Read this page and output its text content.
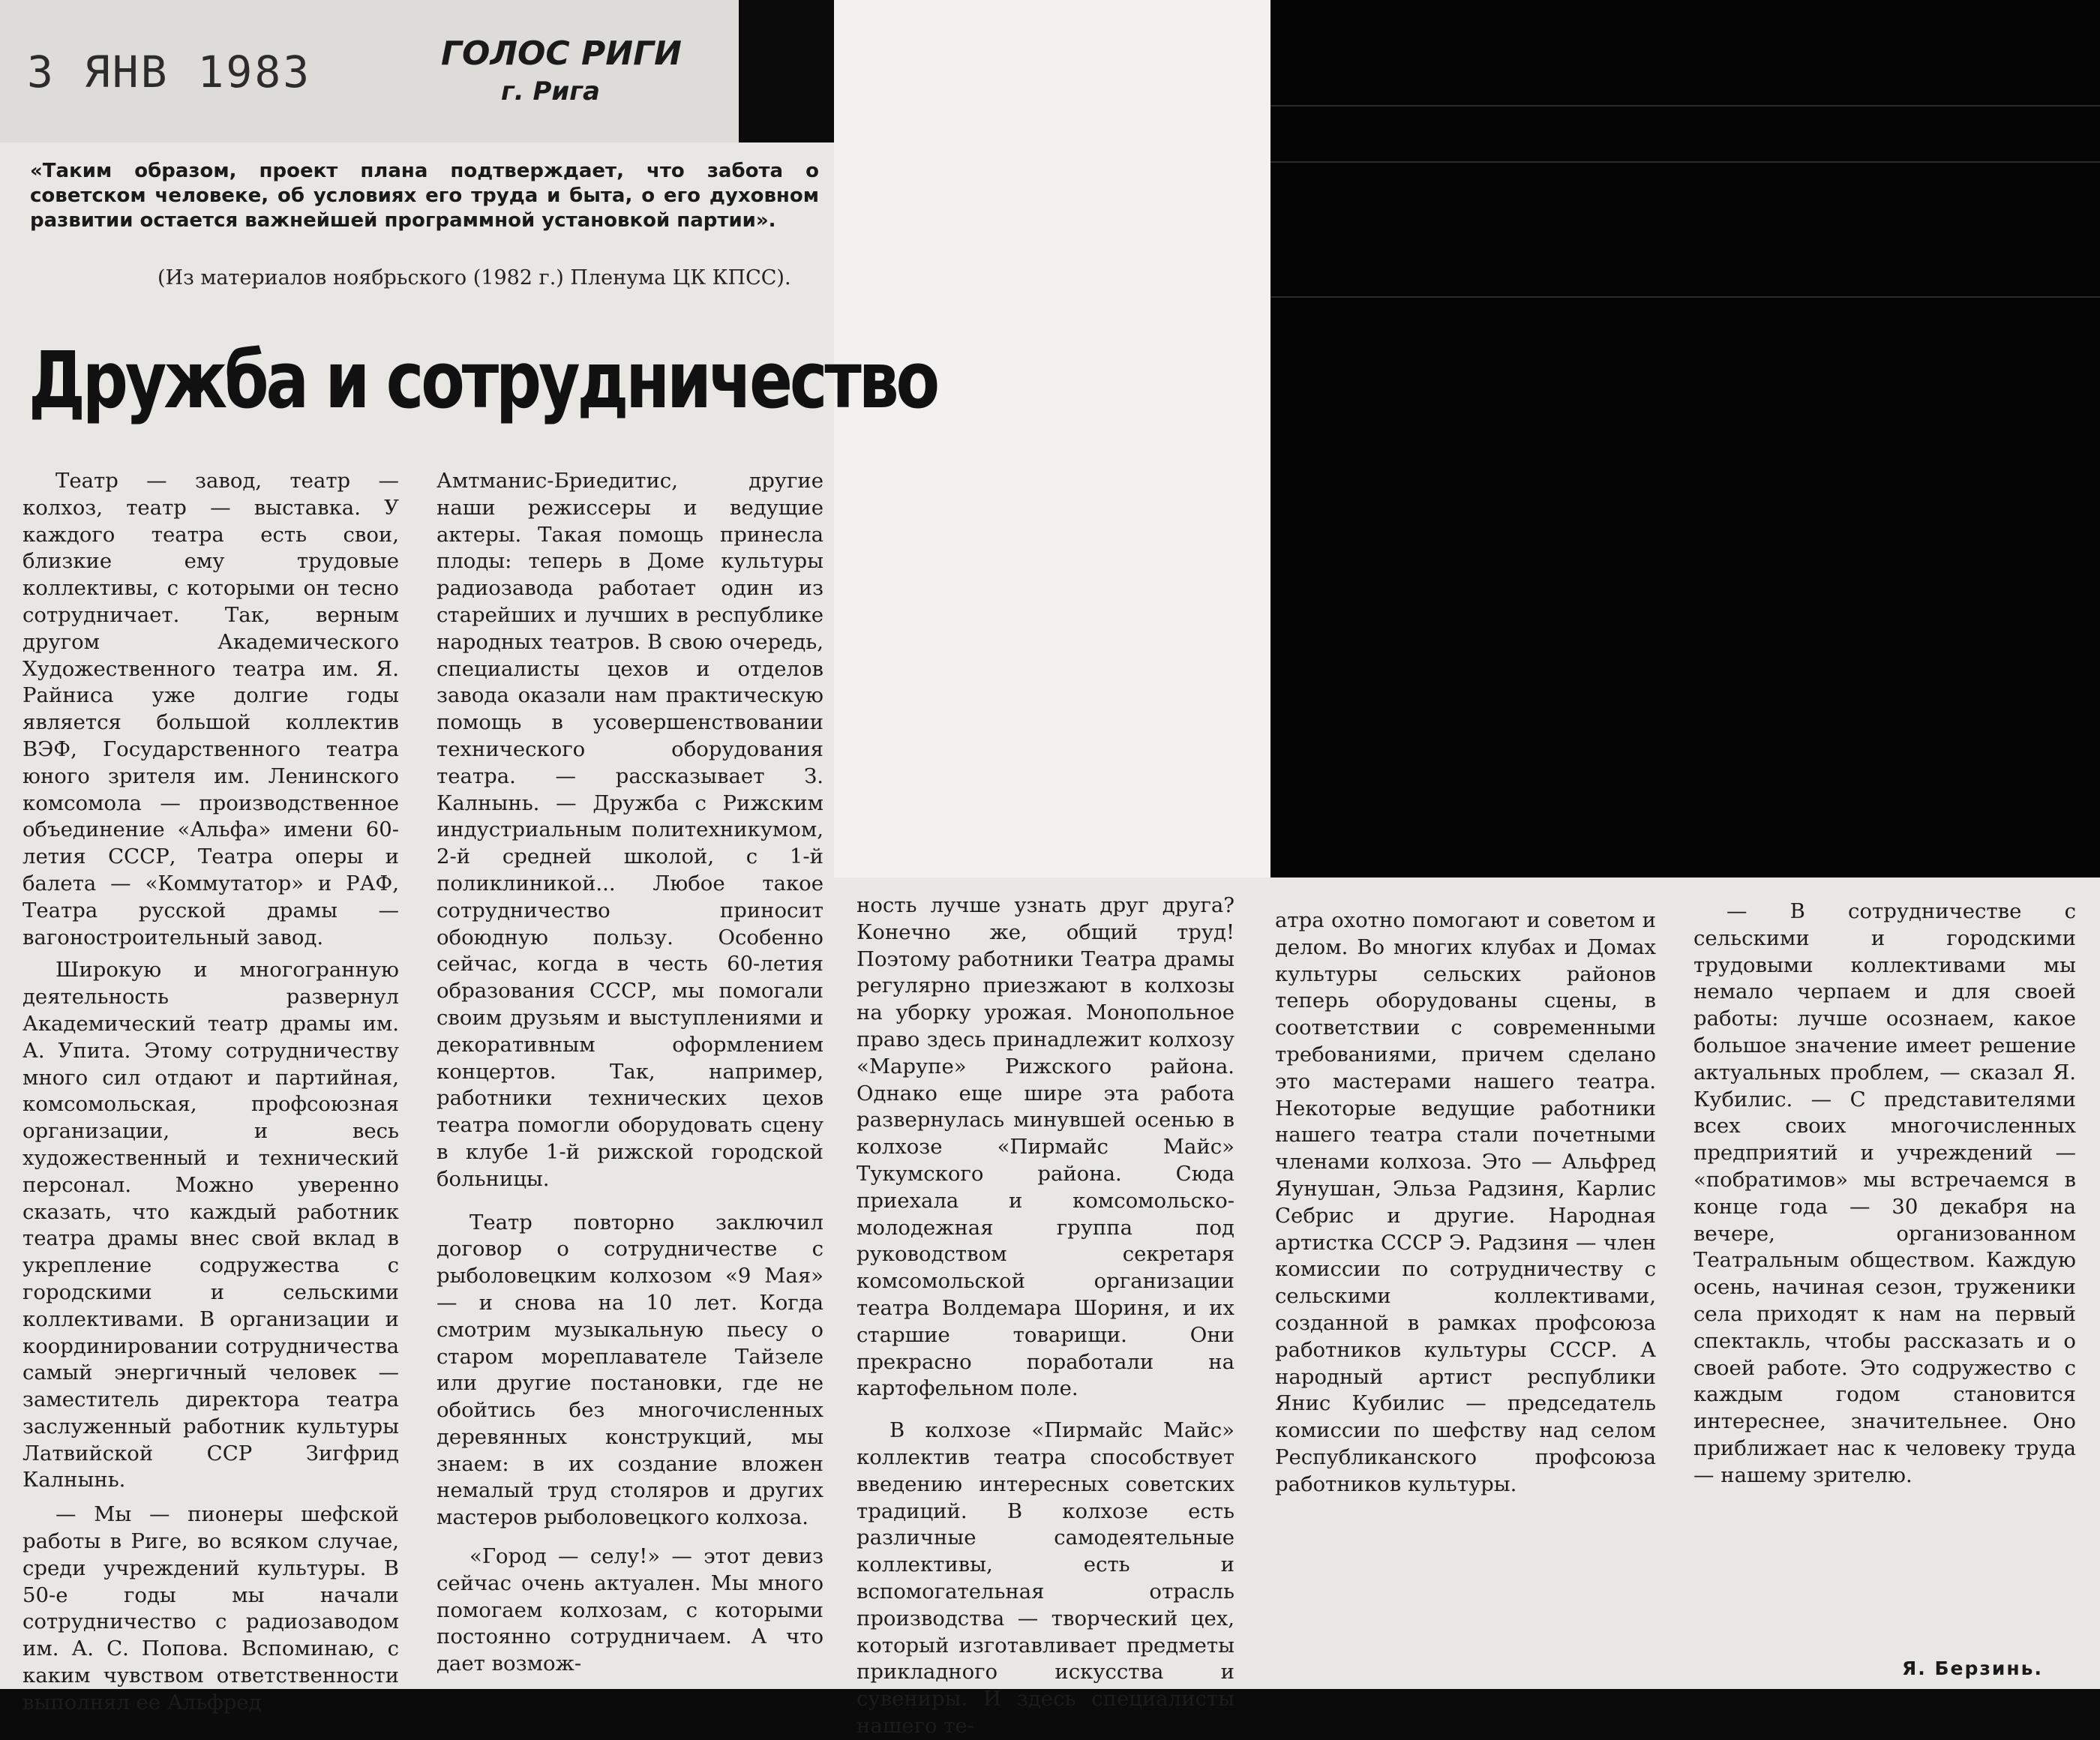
3 ЯНВ 1983	ГОЛОС РИГИ
г. Рига
«Таким образом, проект плана подтверждает, что забота о советском человеке, об условиях его труда и быта, о его духовном развитии остается важнейшей программной установкой партии».
(Из материалов ноябрьского (1982 г.) Пленума ЦК КПСС).
Дружба и сотрудничество

Театр — завод, театр — колхоз, театр — выставка. У каждого театра есть свои, близкие ему трудовые коллективы, с которыми он тесно сотрудничает. Так, верным другом Академического Художественного театра им. Я. Райниса уже долгие годы является большой коллектив ВЭФ, Государственного театра юного зрителя им. Ленинского комсомола — производственное объединение «Альфа» имени 60-летия СССР, Театра оперы и балета — «Коммутатор» и РАФ, Театра русской драмы — вагоностроительный завод.

Широкую и многогранную деятельность развернул Академический театр драмы им. А. Упита. Этому сотрудничеству много сил отдают и партийная, комсомольская, профсоюзная организации, и весь художественный и технический персонал. Можно уверенно сказать, что каждый работник театра драмы внес свой вклад в укрепление содружества с городскими и сельскими коллективами. В организации и координировании сотрудничества самый энергичный человек — заместитель директора театра заслуженный работник культуры Латвийской ССР Зигфрид Калнынь.

— Мы — пионеры шефской работы в Риге, во всяком случае, среди учреждений культуры. В 50-е годы мы начали сотрудничество с радиозаводом им. А. С. Попова. Вспоминаю, с каким чувством ответственности выполнял ее Альфред

Амтманис-Бриедитис, другие наши режиссеры и ведущие актеры. Такая помощь принесла плоды: теперь в Доме культуры радиозавода работает один из старейших и лучших в республике народных театров. В свою очередь, специалисты цехов и отделов завода оказали нам практическую помощь в усовершенствовании технического оборудования театра. — рассказывает З. Калнынь. — Дружба с Рижским индустриальным политехникумом, 2-й средней школой, с 1-й поликлиникой... Любое такое сотрудничество приносит обоюдную пользу. Особенно сейчас, когда в честь 60-летия образования СССР, мы помогали своим друзьям и выступлениями и декоративным оформлением концертов. Так, например, работники технических цехов театра помогли оборудовать сцену в клубе 1-й рижской городской больницы.

Театр повторно заключил договор о сотрудничестве с рыболовецким колхозом «9 Мая» — и снова на 10 лет. Когда смотрим музыкальную пьесу о старом мореплавателе Тайзеле или другие постановки, где не обойтись без многочисленных деревянных конструкций, мы знаем: в их создание вложен немалый труд столяров и других мастеров рыболовецкого колхоза.

«Город — селу!» — этот девиз сейчас очень актуален. Мы много помогаем колхозам, с которыми постоянно сотрудничаем. А что дает возмож-

ность лучше узнать друг друга? Конечно же, общий труд! Поэтому работники Театра драмы регулярно приезжают в колхозы на уборку урожая. Монопольное право здесь принадлежит колхозу «Марупе» Рижского района. Однако еще шире эта работа развернулась минувшей осенью в колхозе «Пирмайс Майс» Тукумского района. Сюда приехала и комсомольско-молодежная группа под руководством секретаря комсомольской организации театра Волдемара Шориня, и их старшие товарищи. Они прекрасно поработали на картофельном поле.

В колхозе «Пирмайс Майс» коллектив театра способствует введению интересных советских традиций. В колхозе есть различные самодеятельные коллективы, есть и вспомогательная отрасль производства — творческий цех, который изготавливает предметы прикладного искусства и сувениры. И здесь специалисты нашего те-

атра охотно помогают и советом и делом. Во многих клубах и Домах культуры сельских районов теперь оборудованы сцены, в соответствии с современными требованиями, причем сделано это мастерами нашего театра. Некоторые ведущие работники нашего театра стали почетными членами колхоза. Это — Альфред Яунушан, Эльза Радзиня, Карлис Себрис и другие. Народная артистка СССР Э. Радзиня — член комиссии по сотрудничеству с сельскими коллективами, созданной в рамках профсоюза работников культуры СССР. А народный артист республики Янис Кубилис — председатель комиссии по шефству над селом Республиканского профсоюза работников культуры.

— В сотрудничестве с сельскими и городскими трудовыми коллективами мы немало черпаем и для своей работы: лучше осознаем, какое большое значение имеет решение актуальных проблем, — сказал Я. Кубилис. — С представителями всех своих многочисленных предприятий и учреждений — «побратимов» мы встречаемся в конце года — 30 декабря на вечере, организованном Театральным обществом. Каждую осень, начиная сезон, труженики села приходят к нам на первый спектакль, чтобы рассказать и о своей работе. Это содружество с каждым годом становится интереснее, значительнее. Оно приближает нас к человеку труда — нашему зрителю.

Я. Берзинь.
